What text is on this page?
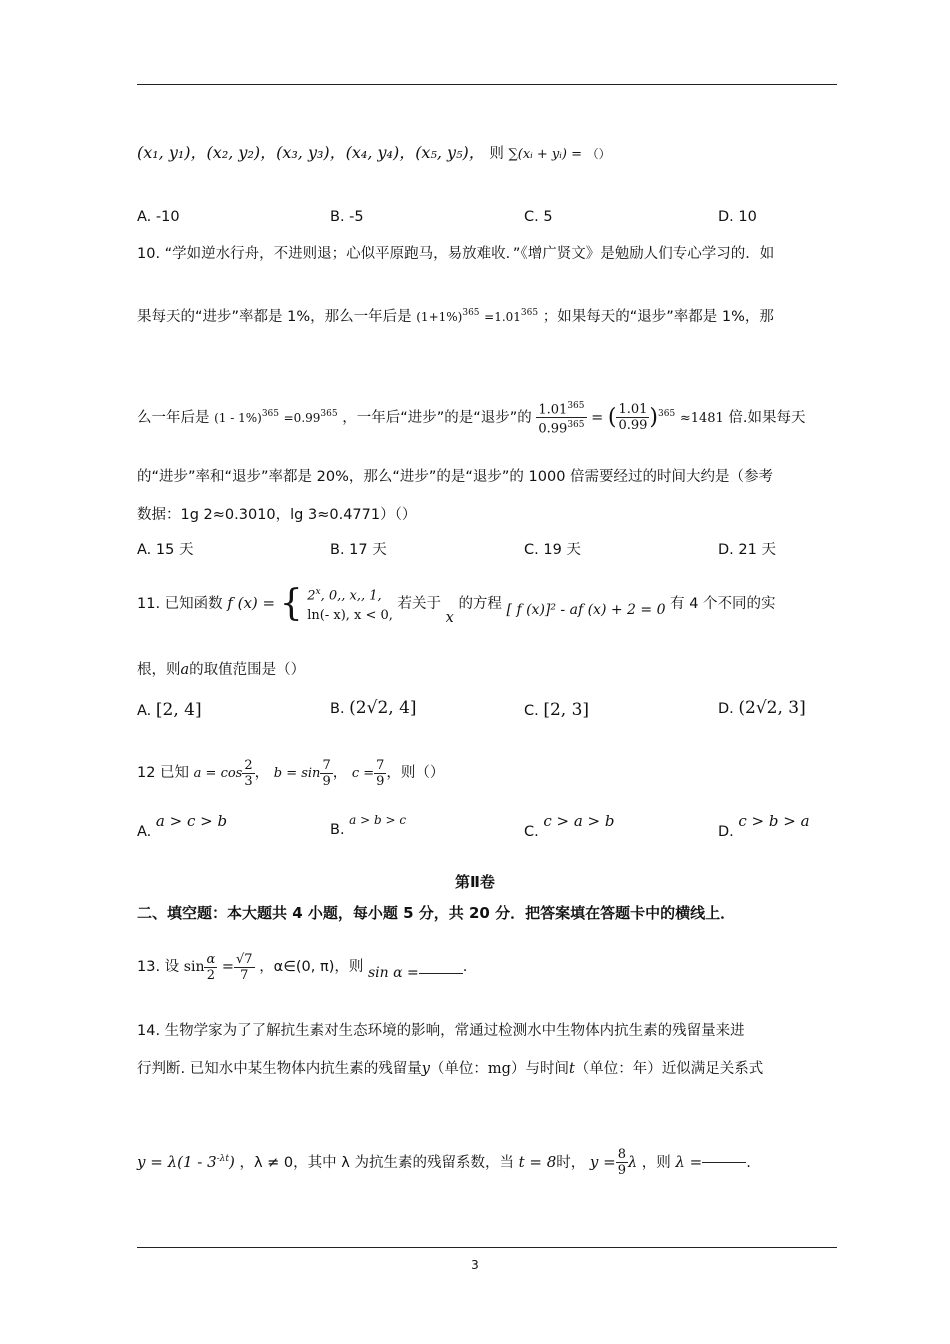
(x₁, y₁)，(x₂, y₂)，(x₃, y₃)，(x₄, y₄)，(x₅, y₅)， 则 ∑(xᵢ + yᵢ) = （）
A. -10	B. -5	C. 5	D. 10
10. “学如逆水行舟，不进则退；心似平原跑马，易放难收．”《增广贤文》是勉励人们专心学习的．如
果每天的“进步”率都是 1%，那么一年后是 $(1+1\%)^{365} =1.01^{365}$ ；如果每天的“退步”率都是 1%，那
么一年后是 $(1 - 1\%)^{365} =0.99^{365}$ ，一年后“进步”的是“退步”的 $\frac{1.01^{365}}{0.99^{365}}$ = ( $\frac{1.01}{0.99} )^{365} \approx 1481$ 倍.如果每天
的“进步”率和“退步”率都是 20%，那么“进步”的是“退步”的 1000 倍需要经过的时间大约是（参考
数据：1g 2≈0.3010，lg 3≈0.4771）（）
A. 15 天	B. 17 天	C. 19 天	D. 21 天
11. 已知函数 f (x) = { 2$^x$, 0,, x,, 1,
ln(- x), x < 0,
若关于 x 的方程 [ f (x)]² - af (x) + 2 = 0 有 4 个不同的实
根，则a的取值范围是（）
A. [2, 4]	B. (2√2, 4]	C. [2, 3]	D. (2√2, 3]
12 已知 $a = \cos \frac{2}{3}$ ， $b = \sin \frac{7}{9}$ ， $c = \frac{7}{9}$ ，则（）
A. a > c > b	B. a > b > c
C. c > a > b
D. c > b > a
第Ⅱ卷
二、填空题：本大题共 4 小题，每小题 5 分，共 20 分．把答案填在答题卡中的横线上．
13. 设 $\sin \frac{\alpha}{2} = \frac{√7}{7}$ ，α∈(0, π)，则 sin α =	.
14. 生物学家为了了解抗生素对生态环境的影响，常通过检测水中生物体内抗生素的残留量来进
行判断. 已知水中某生物体内抗生素的残留量y（单位：mg）与时间t（单位：年）近似满足关系式
$y = \lambda(1 - 3^{-\lambda t})$ ，λ ≠ 0，其中 λ 为抗生素的残留系数，当 t = 8时， $y = \frac{8}{9}$ λ ，则 λ =	.
3
